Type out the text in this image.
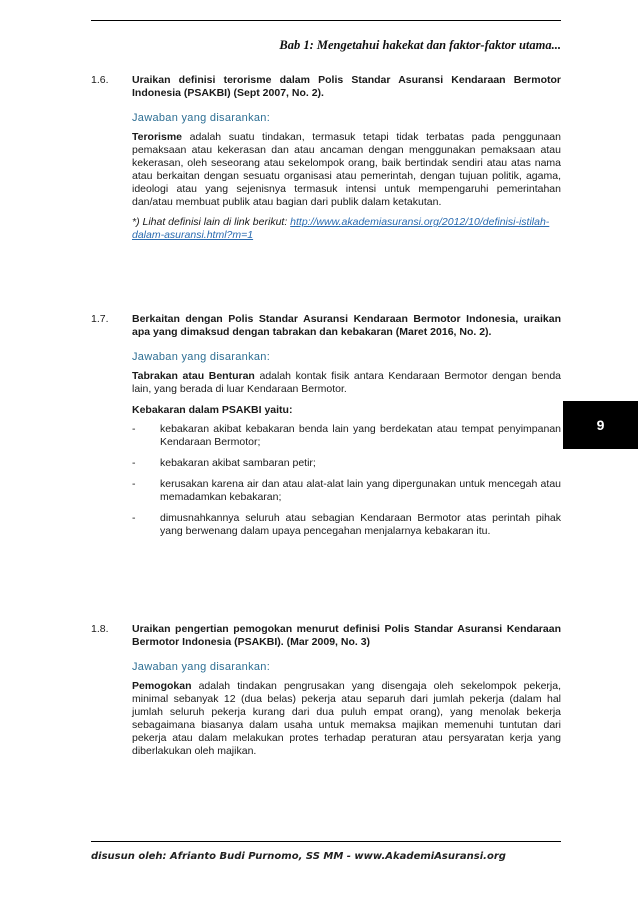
Bab 1: Mengetahui hakekat dan faktor-faktor utama...
1.6. Uraikan definisi terorisme dalam Polis Standar Asuransi Kendaraan Bermotor Indonesia (PSAKBI) (Sept 2007, No. 2).

Jawaban yang disarankan:

Terorisme adalah suatu tindakan, termasuk tetapi tidak terbatas pada penggunaan pemaksaan atau kekerasan dan atau ancaman dengan menggunakan pemaksaan atau kekerasan, oleh seseorang atau sekelompok orang, baik bertindak sendiri atau atas nama atau berkaitan dengan sesuatu organisasi atau pemerintah, dengan tujuan politik, agama, ideologi atau yang sejenisnya termasuk intensi untuk mempengaruhi pemerintahan dan/atau membuat publik atau bagian dari publik dalam ketakutan.

*) Lihat definisi lain di link berikut: http://www.akademiasuransi.org/2012/10/definisi-istilah-dalam-asuransi.html?m=1

1.7. Berkaitan dengan Polis Standar Asuransi Kendaraan Bermotor Indonesia, uraikan apa yang dimaksud dengan tabrakan dan kebakaran (Maret 2016, No. 2).

Jawaban yang disarankan:

Tabrakan atau Benturan adalah kontak fisik antara Kendaraan Bermotor dengan benda lain, yang berada di luar Kendaraan Bermotor.

Kebakaran dalam PSAKBI yaitu:
-	kebakaran akibat kebakaran benda lain yang berdekatan atau tempat penyimpanan Kendaraan Bermotor;
-	kebakaran akibat sambaran petir;
-	kerusakan karena air dan atau alat-alat lain yang dipergunakan untuk mencegah atau memadamkan kebakaran;
-	dimusnahkannya seluruh atau sebagian Kendaraan Bermotor atas perintah pihak yang berwenang dalam upaya pencegahan menjalarnya kebakaran itu.
1.8. Uraikan pengertian pemogokan menurut definisi Polis Standar Asuransi Kendaraan Bermotor Indonesia (PSAKBI). (Mar 2009, No. 3)

Jawaban yang disarankan:

Pemogokan adalah tindakan pengrusakan yang disengaja oleh sekelompok pekerja, minimal sebanyak 12 (dua belas) pekerja atau separuh dari jumlah pekerja (dalam hal jumlah seluruh pekerja kurang dari dua puluh empat orang), yang menolak bekerja sebagaimana biasanya dalam usaha untuk memaksa majikan memenuhi tuntutan dari pekerja atau dalam melakukan protes terhadap peraturan atau persyaratan kerja yang diberlakukan oleh majikan.

9
disusun oleh: Afrianto Budi Purnomo, SS MM - www.AkademiAsuransi.org
